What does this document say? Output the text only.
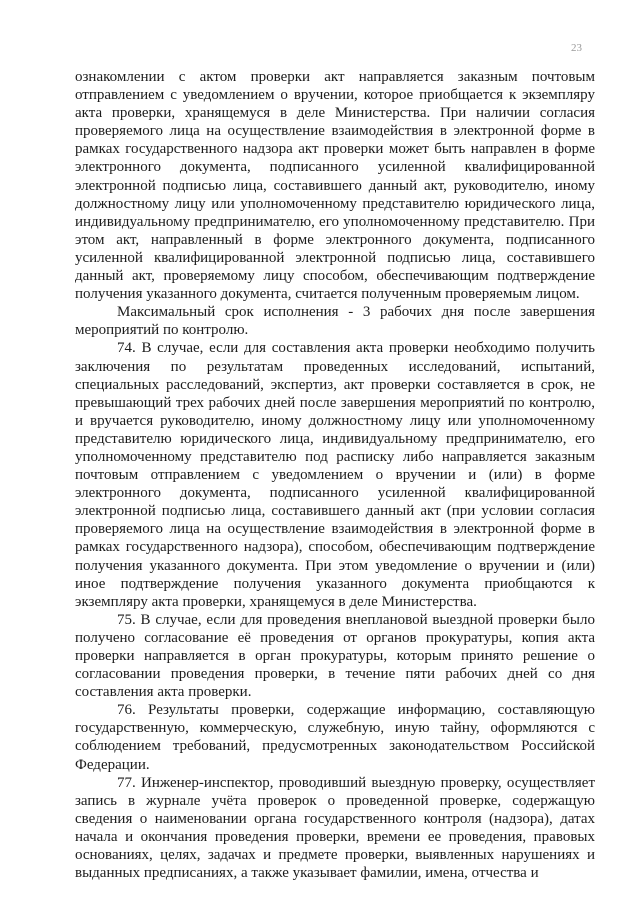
23

ознакомлении с актом проверки акт направляется заказным почтовым отправлением с уведомлением о вручении, которое приобщается к экземпляру акта проверки, хранящемуся в деле Министерства. При наличии согласия проверяемого лица на осуществление взаимодействия в электронной форме в рамках государственного надзора акт проверки может быть направлен в форме электронного документа, подписанного усиленной квалифицированной электронной подписью лица, составившего данный акт, руководителю, иному должностному лицу или уполномоченному представителю юридического лица, индивидуальному предпринимателю, его уполномоченному представителю. При этом акт, направленный в форме электронного документа, подписанного усиленной квалифицированной электронной подписью лица, составившего данный акт, проверяемому лицу способом, обеспечивающим подтверждение получения указанного документа, считается полученным проверяемым лицом.

Максимальный срок исполнения - 3 рабочих дня после завершения мероприятий по контролю.

74. В случае, если для составления акта проверки необходимо получить заключения по результатам проведенных исследований, испытаний, специальных расследований, экспертиз, акт проверки составляется в срок, не превышающий трех рабочих дней после завершения мероприятий по контролю, и вручается руководителю, иному должностному лицу или уполномоченному представителю юридического лица, индивидуальному предпринимателю, его уполномоченному представителю под расписку либо направляется заказным почтовым отправлением с уведомлением о вручении и (или) в форме электронного документа, подписанного усиленной квалифицированной электронной подписью лица, составившего данный акт (при условии согласия проверяемого лица на осуществление взаимодействия в электронной форме в рамках государственного надзора), способом, обеспечивающим подтверждение получения указанного документа. При этом уведомление о вручении и (или) иное подтверждение получения указанного документа приобщаются к экземпляру акта проверки, хранящемуся в деле Министерства.

75. В случае, если для проведения внеплановой выездной проверки было получено согласование её проведения от органов прокуратуры, копия акта проверки направляется в орган прокуратуры, которым принято решение о согласовании проведения проверки, в течение пяти рабочих дней со дня составления акта проверки.

76. Результаты проверки, содержащие информацию, составляющую государственную, коммерческую, служебную, иную тайну, оформляются с соблюдением требований, предусмотренных законодательством Российской Федерации.

77. Инженер-инспектор, проводивший выездную проверку, осуществляет запись в журнале учёта проверок о проведенной проверке, содержащую сведения о наименовании органа государственного контроля (надзора), датах начала и окончания проведения проверки, времени ее проведения, правовых основаниях, целях, задачах и предмете проверки, выявленных нарушениях и выданных предписаниях, а также указывает фамилии, имена, отчества и
